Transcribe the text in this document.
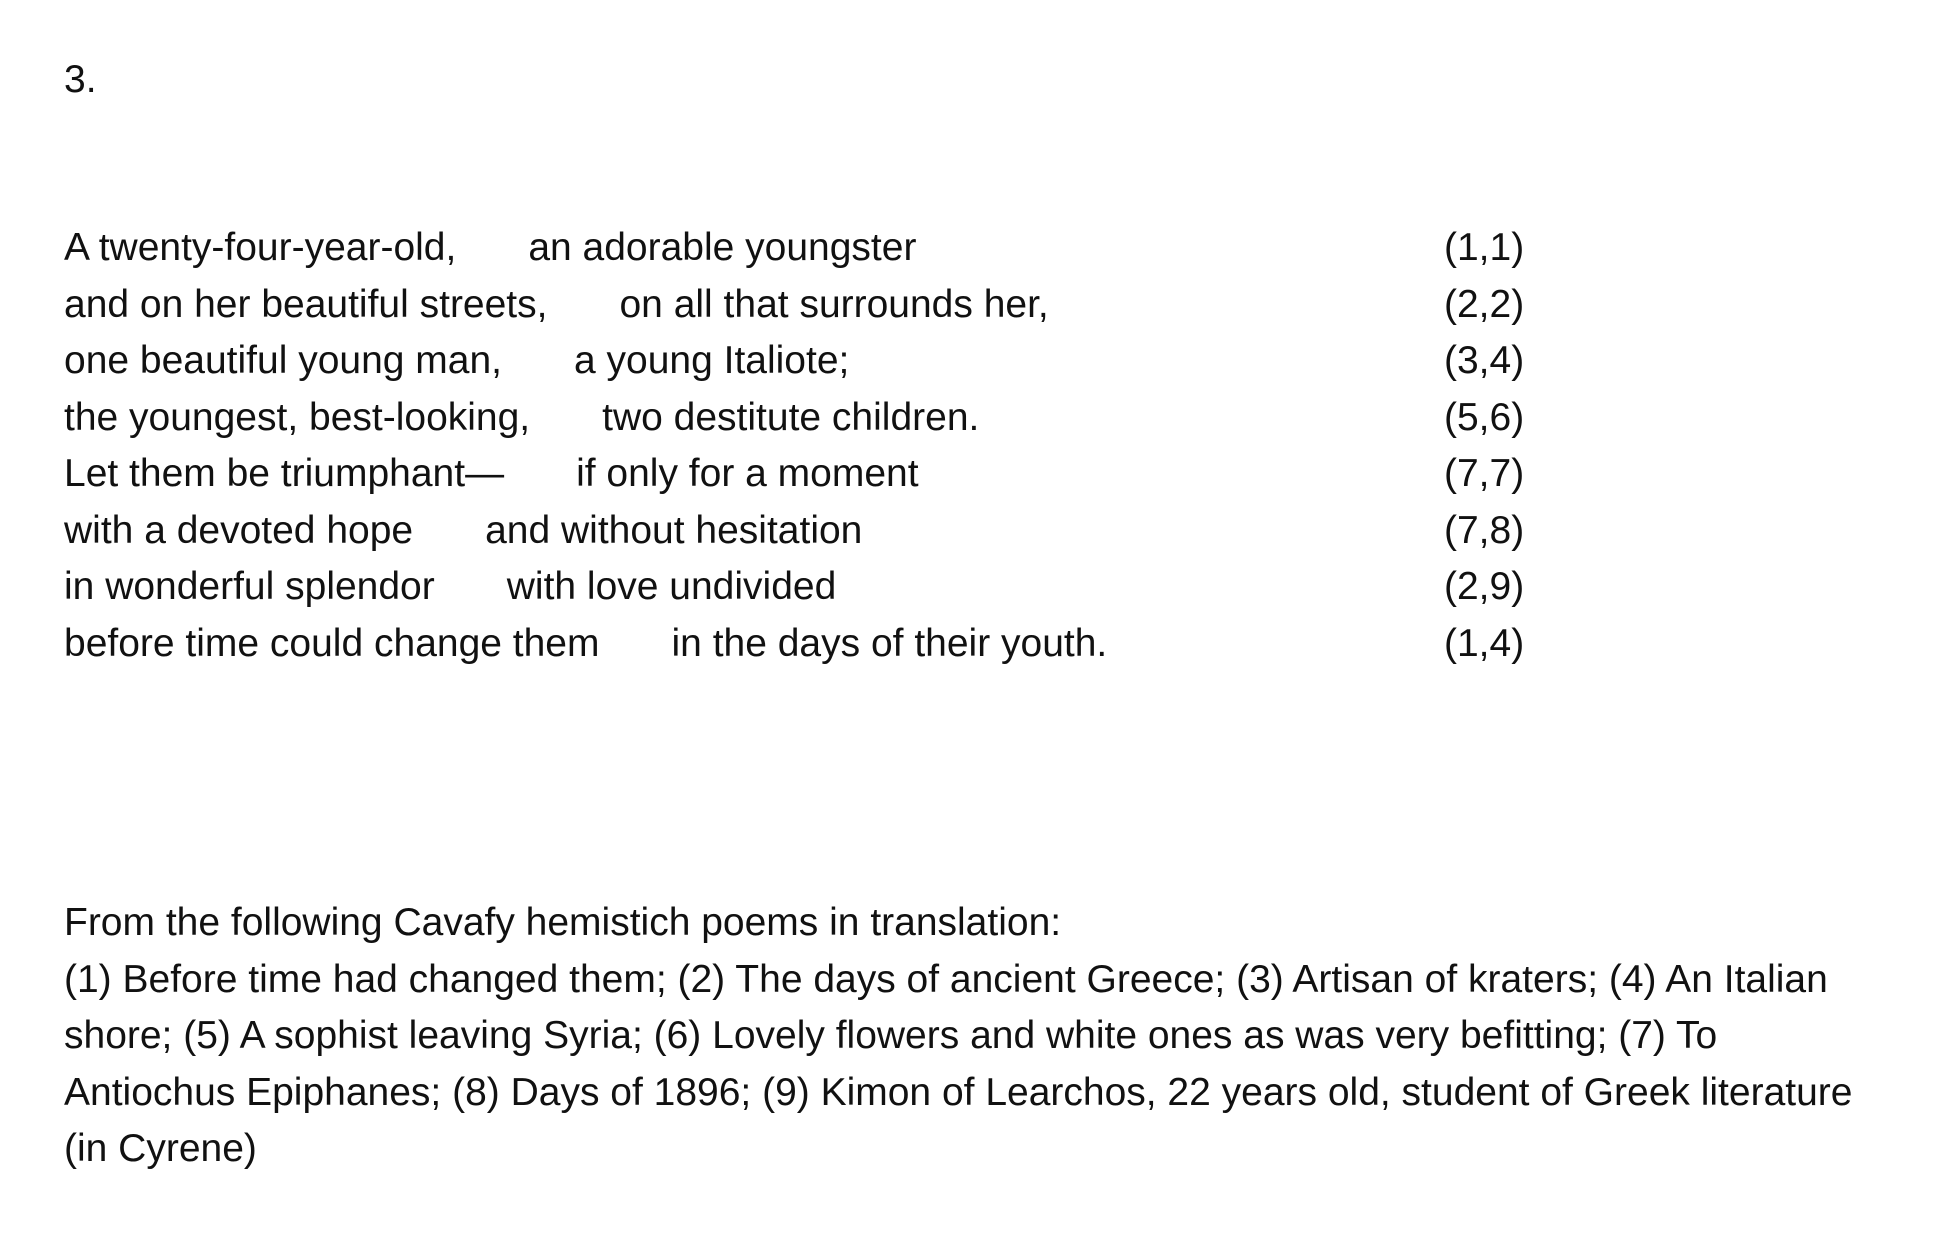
3.
A twenty-four-year-old, an adorable youngster	(1,1)
and on her beautiful streets, on all that surrounds her,	(2,2)
one beautiful young man, a young Italiote;	(3,4)
the youngest, best-looking, two destitute children.	(5,6)
Let them be triumphant— if only for a moment	(7,7)
with a devoted hope and without hesitation	(7,8)
in wonderful splendor with love undivided	(2,9)
before time could change them in the days of their youth.	(1,4)

From the following Cavafy hemistich poems in translation:

(1) Before time had changed them; (2) The days of ancient Greece; (3) Artisan of kraters; (4) An Italian shore; (5) A sophist leaving Syria; (6) Lovely flowers and white ones as was very befitting; (7) To Antiochus Epiphanes; (8) Days of 1896; (9) Kimon of Learchos, 22 years old, student of Greek literature (in Cyrene)
